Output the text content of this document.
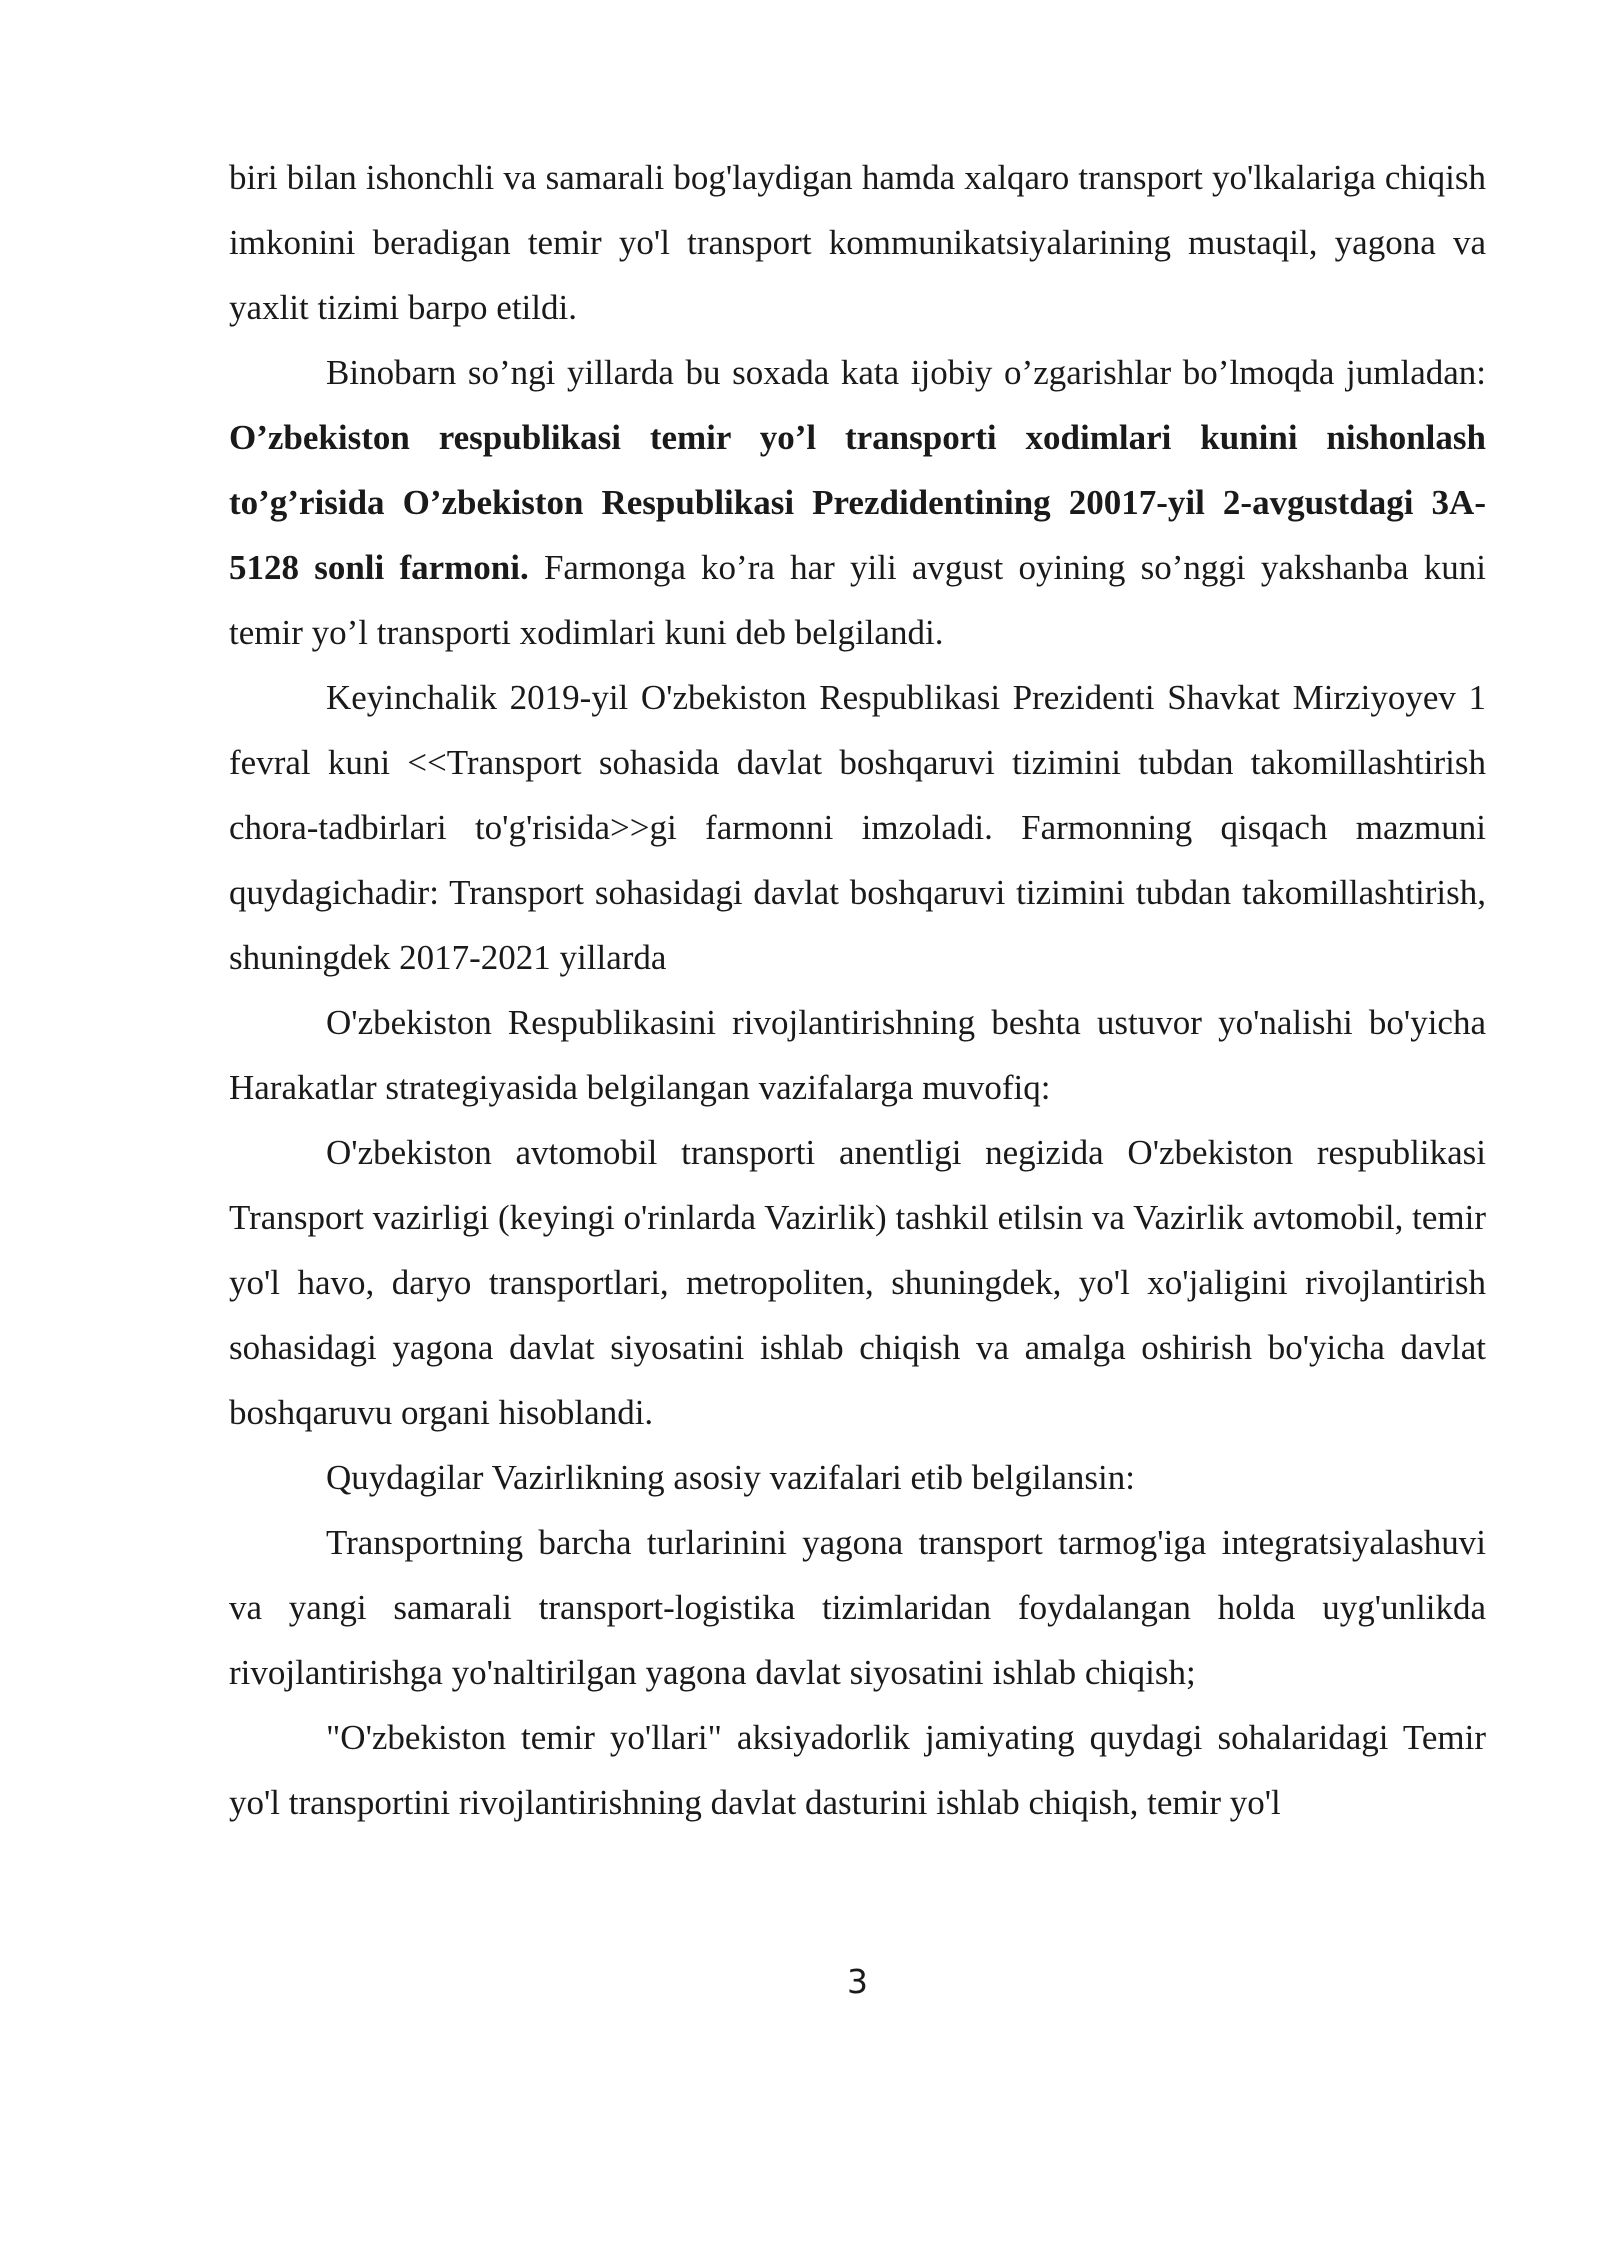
biri bilan ishonchli va samarali bog'laydigan hamda xalqaro transport yo'lkalariga chiqish imkonini beradigan temir yo'l transport kommunikatsiyalarining mustaqil, yagona va yaxlit tizimi barpo etildi.

Binobarn so’ngi yillarda bu soxada kata ijobiy o’zgarishlar bo’lmoqda jumladan: O’zbekiston respublikasi temir yo’l transporti xodimlari kunini nishonlash to’g’risida O’zbekiston Respublikasi Prezdidentining 20017-yil 2-avgustdagi 3A-5128 sonli farmoni. Farmonga ko’ra har yili avgust oyining so’nggi yakshanba kuni temir yo’l transporti xodimlari kuni deb belgilandi.

Keyinchalik 2019-yil O'zbekiston Respublikasi Prezidenti Shavkat Mirziyoyev 1 fevral kuni <<Transport sohasida davlat boshqaruvi tizimini tubdan takomillashtirish chora-tadbirlari to'g'risida>>gi farmonni imzoladi. Farmonning qisqach mazmuni quydagichadir: Transport sohasidagi davlat boshqaruvi tizimini tubdan takomillashtirish, shuningdek 2017-2021 yillarda

O'zbekiston Respublikasini rivojlantirishning beshta ustuvor yo'nalishi bo'yicha Harakatlar strategiyasida belgilangan vazifalarga muvofiq:

O'zbekiston avtomobil transporti anentligi negizida O'zbekiston respublikasi Transport vazirligi (keyingi o'rinlarda Vazirlik) tashkil etilsin va Vazirlik avtomobil, temir yo'l havo, daryo transportlari, metropoliten, shuningdek, yo'l xo'jaligini rivojlantirish sohasidagi yagona davlat siyosatini ishlab chiqish va amalga oshirish bo'yicha davlat boshqaruvu organi hisoblandi.

Quydagilar Vazirlikning asosiy vazifalari etib belgilansin:

Transportning barcha turlarinini yagona transport tarmog'iga integratsiyalashuvi va yangi samarali transport-logistika tizimlaridan foydalangan holda uyg'unlikda rivojlantirishga yo'naltirilgan yagona davlat siyosatini ishlab chiqish;

"O'zbekiston temir yo'llari" aksiyadorlik jamiyating quydagi sohalaridagi Temir yo'l transportini rivojlantirishning davlat dasturini ishlab chiqish, temir yo'l

3
